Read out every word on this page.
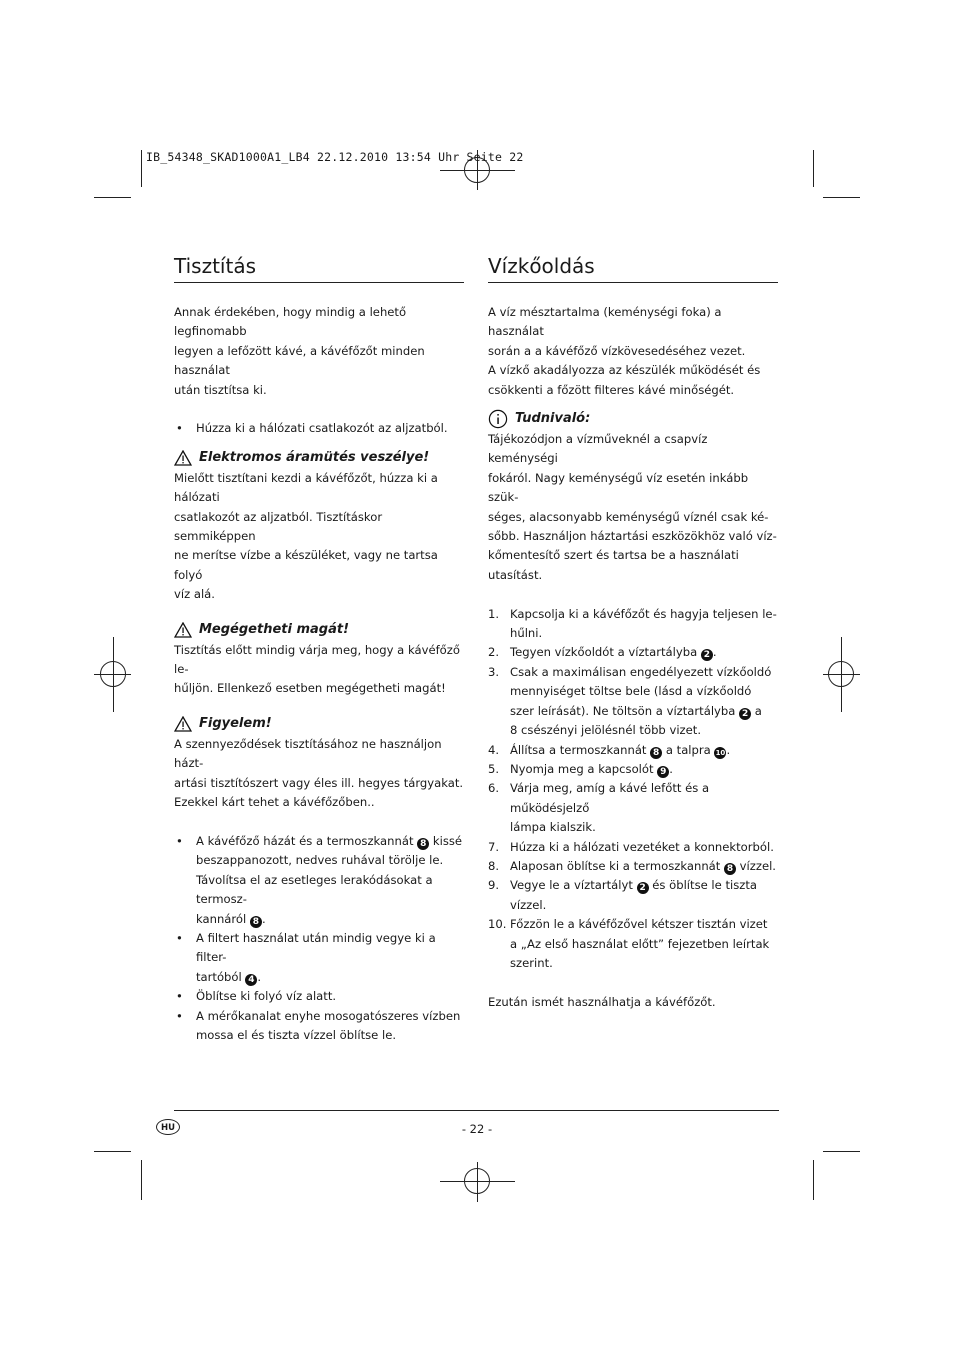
IB_54348_SKAD1000A1_LB4 22.12.2010 13:54 Uhr Seite 22
Tisztítás

Annak érdekében, hogy mindig a lehető legfinomabb

legyen a lefőzött kávé, a kávéfőzőt minden használat

után tisztítsa ki.

• Húzza ki a hálózati csatlakozót az aljzatból.
Elektromos áramütés veszélye!

Mielőtt tisztítani kezdi a kávéfőzőt, húzza ki a hálózati

csatlakozót az aljzatból. Tisztításkor semmiképpen

ne merítse vízbe a készüléket, vagy ne tartsa folyó

víz alá.

Megégetheti magát!

Tisztítás előtt mindig várja meg, hogy a kávéfőző le-

hűljön. Ellenkező esetben megégetheti magát!

Figyelem!

A szennyeződések tisztításához ne használjon házt-

artási tisztítószert vagy éles ill. hegyes tárgyakat.

Ezekkel kárt tehet a kávéfőzőben..

• A kávéfőző házát és a termoszkannát 8 kissé
beszappanozott, nedves ruhával törölje le.
Távolítsa el az esetleges lerakódásokat a termosz-
kannáról 8 .
• A filtert használat után mindig vegye ki a filter-
tartóból 4 .
• Öblítse ki folyó víz alatt.
• A mérőkanalat enyhe mosogatószeres vízben
mossa el és tiszta vízzel öblítse le.
Vízkőoldás

A víz mésztartalma (keménységi foka) a használat

során a a kávéfőző vízkövesedéséhez vezet.

A vízkő akadályozza az készülék működését és

csökkenti a főzött filteres kávé minőségét.

Tudnivaló:

Tájékozódjon a vízműveknél a csapvíz keménységi

fokáról. Nagy keménységű víz esetén inkább szük-

séges, alacsonyabb keménységű víznél csak ké-

sőbb. Használjon háztartási eszközökhöz való víz-

kőmentesítő szert és tartsa be a használati utasítást.

1. Kapcsolja ki a kávéfőzőt és hagyja teljesen le-
hűlni.
2. Tegyen vízkőoldót a víztartályba 2 .
3. Csak a maximálisan engedélyezett vízkőoldó
mennyiséget töltse bele (lásd a vízkőoldó
szer leírását). Ne töltsön a víztartályba 2 a
8 csészényi jelölésnél több vizet.
4. Állítsa a termoszkannát 8 a talpra 10.
5. Nyomja meg a kapcsolót 9 .
6. Várja meg, amíg a kávé lefőtt és a működésjelző
lámpa kialszik.
7. Húzza ki a hálózati vezetéket a konnektorból.
8. Alaposan öblítse ki a termoszkannát 8 vízzel.
9. Vegye le a víztartályt 2 és öblítse le tiszta vízzel.
10. Főzzön le a kávéfőzővel kétszer tisztán vizet
a „Az első használat előtt” fejezetben leírtak
szerint.

Ezután ismét használhatja a kávéfőzőt.

HU	- 22 -
